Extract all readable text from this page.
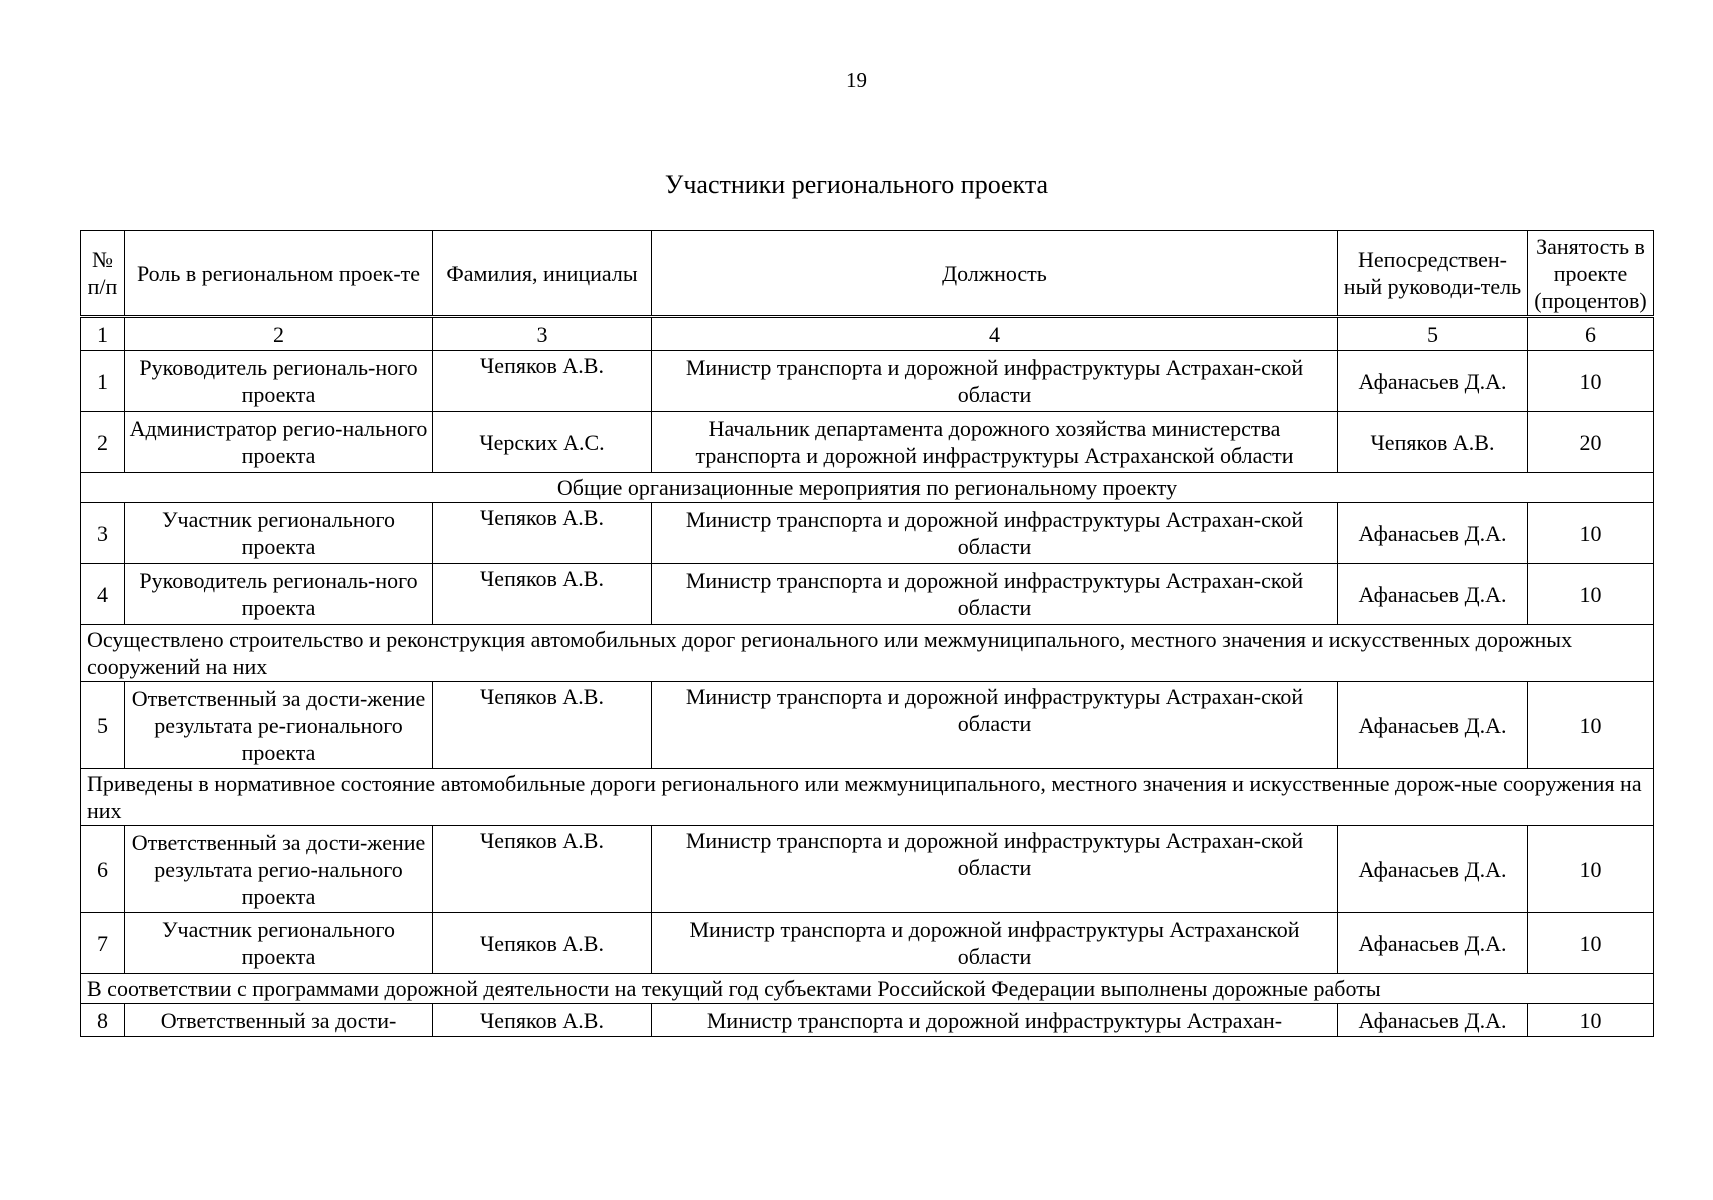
19
Участники регионального проекта
№ п/п	Роль в региональном проек-те	Фамилия, инициалы	Должность	Непосредствен-ный руководи-тель	Занятость в проекте (процентов)
1	2	3	4	5	6
1	Руководитель региональ-ного проекта	Чепяков А.В.	Министр транспорта и дорожной инфраструктуры Астрахан-ской области	Афанасьев Д.А.	10
2	Администратор регио-нального проекта	Черских А.С.	Начальник департамента дорожного хозяйства министерства транспорта и дорожной инфраструктуры Астраханской области	Чепяков А.В.	20
Общие организационные мероприятия по региональному проекту					
3	Участник регионального проекта	Чепяков А.В.	Министр транспорта и дорожной инфраструктуры Астрахан-ской области	Афанасьев Д.А.	10
4	Руководитель региональ-ного проекта	Чепяков А.В.	Министр транспорта и дорожной инфраструктуры Астрахан-ской области	Афанасьев Д.А.	10
Осуществлено строительство и реконструкция автомобильных дорог регионального или межмуниципального, местного значения и искусственных дорожных сооружений на них					
5	Ответственный за дости-жение результата ре-гионального проекта	Чепяков А.В.	Министр транспорта и дорожной инфраструктуры Астрахан-ской области	Афанасьев Д.А.	10
Приведены в нормативное состояние автомобильные дороги регионального или межмуниципального, местного значения и искусственные дорож-ные сооружения на них					
6	Ответственный за дости-жение результата регио-нального проекта	Чепяков А.В.	Министр транспорта и дорожной инфраструктуры Астрахан-ской области	Афанасьев Д.А.	10
7	Участник регионального проекта	Чепяков А.В.	Министр транспорта и дорожной инфраструктуры Астраханской области	Афанасьев Д.А.	10
В соответствии с программами дорожной деятельности на текущий год субъектами Российской Федерации выполнены дорожные работы					
8	Ответственный за дости-	Чепяков А.В.	Министр транспорта и дорожной инфраструктуры Астрахан-	Афанасьев Д.А.	10
